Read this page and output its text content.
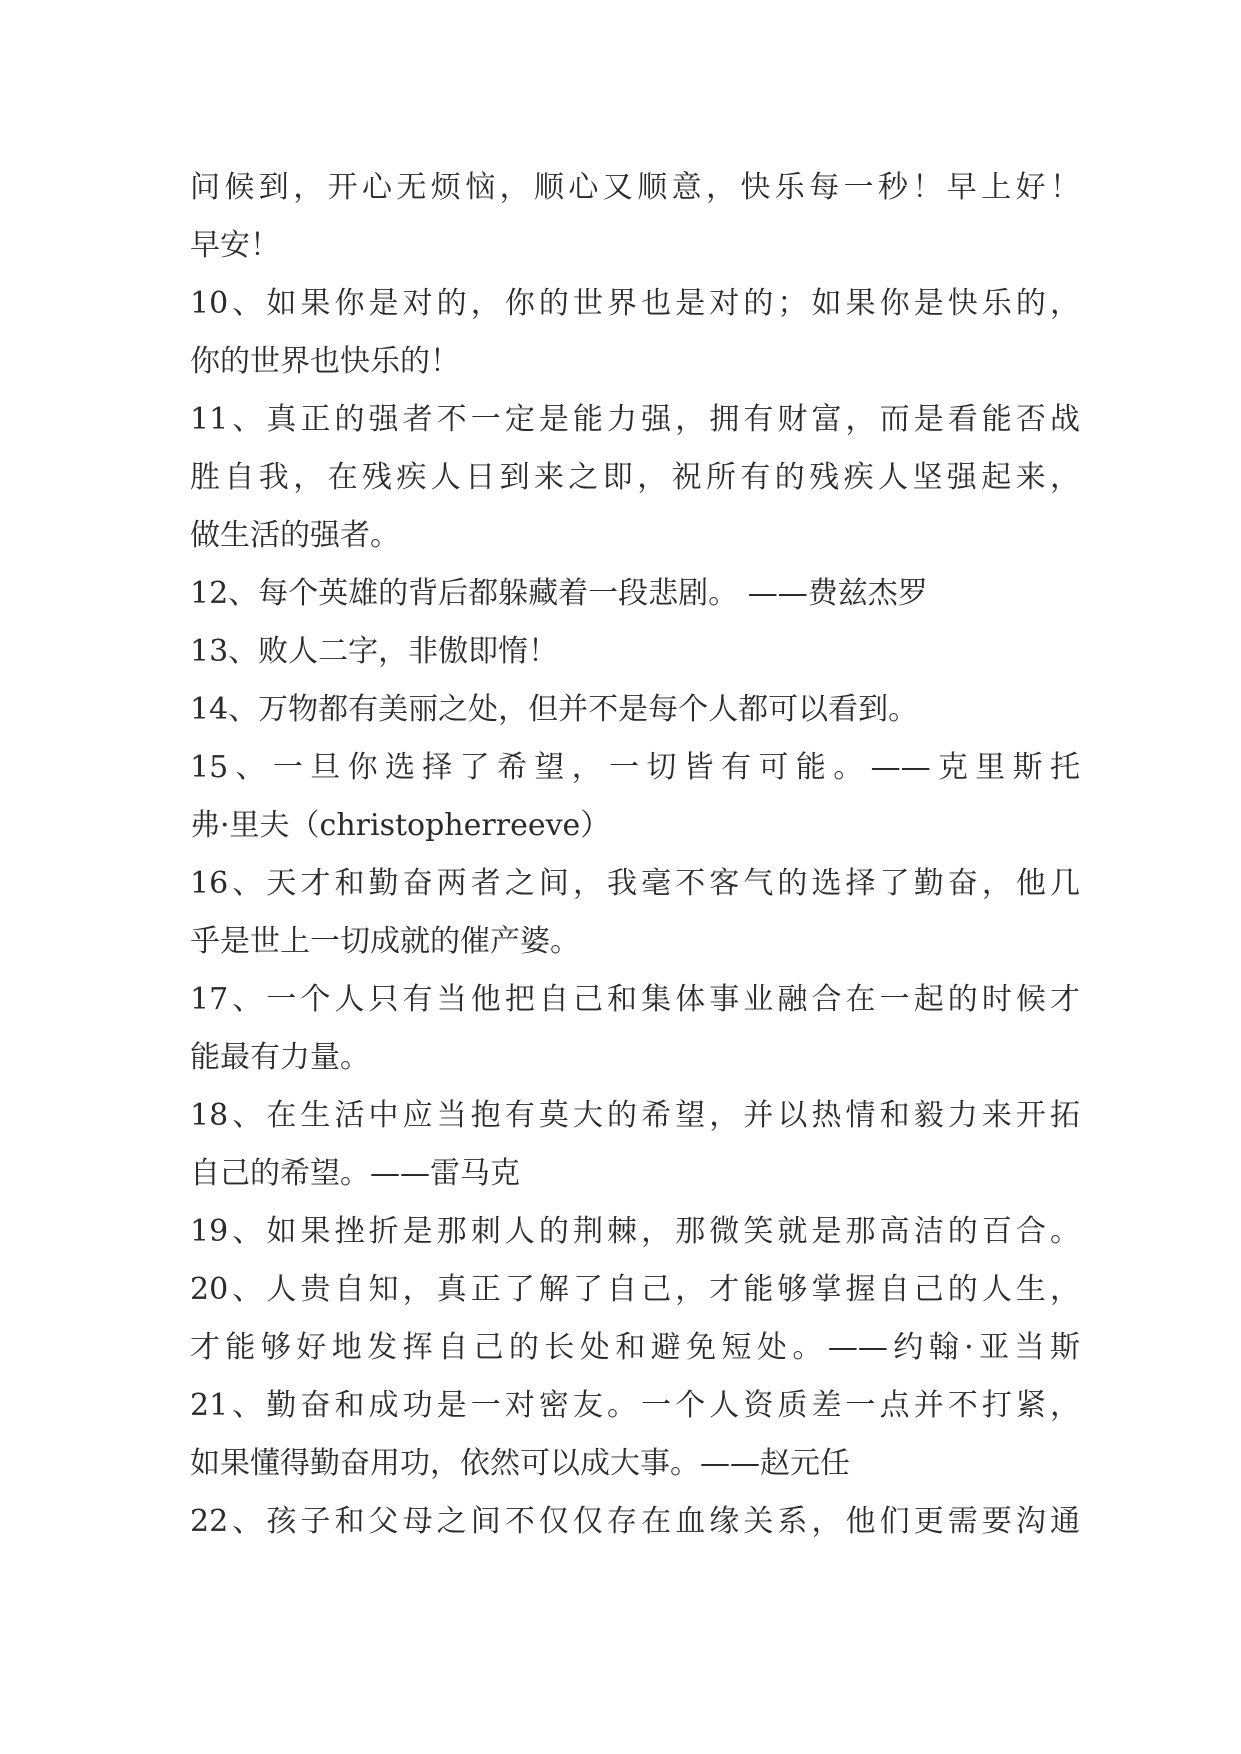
问候到，开心无烦恼，顺心又顺意，快乐每一秒！早上好！
早安！
10、如果你是对的，你的世界也是对的；如果你是快乐的，
你的世界也快乐的！
11、真正的强者不一定是能力强，拥有财富，而是看能否战
胜自我，在残疾人日到来之即，祝所有的残疾人坚强起来，
做生活的强者。
12、每个英雄的背后都躲藏着一段悲剧。 ——费兹杰罗
13、败人二字，非傲即惰！
14、万物都有美丽之处，但并不是每个人都可以看到。
15、一旦你选择了希望，一切皆有可能。——克里斯托
弗·里夫（christopherreeve）
16、天才和勤奋两者之间，我毫不客气的选择了勤奋，他几
乎是世上一切成就的催产婆。
17、一个人只有当他把自己和集体事业融合在一起的时候才
能最有力量。
18、在生活中应当抱有莫大的希望，并以热情和毅力来开拓
自己的希望。——雷马克
19、如果挫折是那刺人的荆棘，那微笑就是那高洁的百合。
20、人贵自知，真正了解了自己，才能够掌握自己的人生，
才能够好地发挥自己的长处和避免短处。——约翰·亚当斯
21、勤奋和成功是一对密友。一个人资质差一点并不打紧，
如果懂得勤奋用功，依然可以成大事。——赵元任
22、孩子和父母之间不仅仅存在血缘关系，他们更需要沟通
